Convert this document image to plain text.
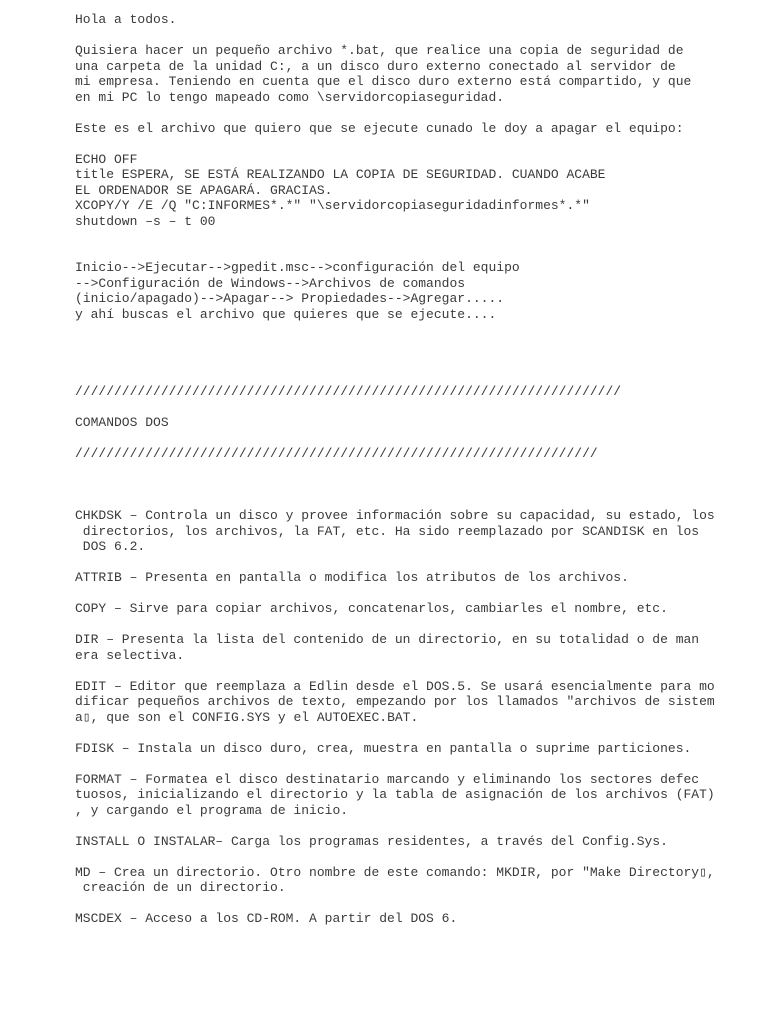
Hola a todos.

Quisiera hacer un pequeño archivo *.bat, que realice una copia de seguridad de
una carpeta de la unidad C:, a un disco duro externo conectado al servidor de
mi empresa. Teniendo en cuenta que el disco duro externo está compartido, y que
en mi PC lo tengo mapeado como \servidorcopiaseguridad.

Este es el archivo que quiero que se ejecute cunado le doy a apagar el equipo:

ECHO OFF
title ESPERA, SE ESTÁ REALIZANDO LA COPIA DE SEGURIDAD. CUANDO ACABE
EL ORDENADOR SE APAGARÁ. GRACIAS.
XCOPY/Y /E /Q "C:INFORMES*.*" "\servidorcopiaseguridadinformes*.*"
shutdown –s – t 00

Inicio-->Ejecutar-->gpedit.msc-->configuración del equipo
-->Configuración de Windows-->Archivos de comandos
(inicio/apagado)-->Apagar--> Propiedades-->Agregar.....
y ahí buscas el archivo que quieres que se ejecute....

//////////////////////////////////////////////////////////////////////

COMANDOS DOS

///////////////////////////////////////////////////////////////////

CHKDSK – Controla un disco y provee información sobre su capacidad, su estado, los
directorios, los archivos, la FAT, etc. Ha sido reemplazado por SCANDISK en los
DOS 6.2.

ATTRIB – Presenta en pantalla o modifica los atributos de los archivos.

COPY – Sirve para copiar archivos, concatenarlos, cambiarles el nombre, etc.

DIR – Presenta la lista del contenido de un directorio, en su totalidad o de man
era selectiva.

EDIT – Editor que reemplaza a Edlin desde el DOS.5. Se usará esencialmente para mo
dificar pequeños archivos de texto, empezando por los llamados "archivos de sistem
a▯, que son el CONFIG.SYS y el AUTOEXEC.BAT.

FDISK – Instala un disco duro, crea, muestra en pantalla o suprime particiones.

FORMAT – Formatea el disco destinatario marcando y eliminando los sectores defec
tuosos, inicializando el directorio y la tabla de asignación de los archivos (FAT)
, y cargando el programa de inicio.

INSTALL O INSTALAR– Carga los programas residentes, a través del Config.Sys.

MD – Crea un directorio. Otro nombre de este comando: MKDIR, por "Make Directory▯,
creación de un directorio.

MSCDEX – Acceso a los CD-ROM. A partir del DOS 6.
